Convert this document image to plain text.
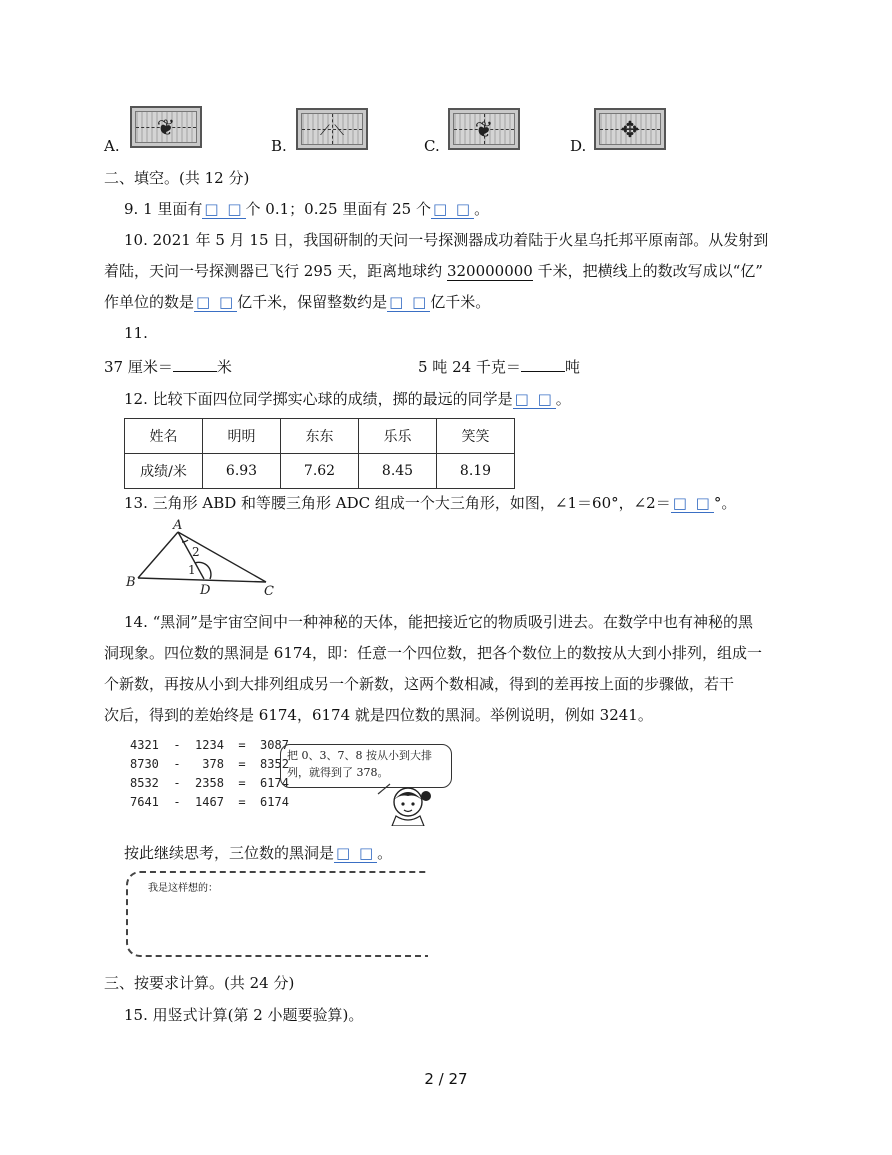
❦
A.
⟋ ⟍
B.
❦
C.
✥
D.
二、填空。(共 12 分)
9. 1 里面有 □ □ 个 0.1；0.25 里面有 25 个 □ □ 。
10. 2021 年 5 月 15 日，我国研制的天问一号探测器成功着陆于火星乌托邦平原南部。从发射到
着陆，天问一号探测器已飞行 295 天，距离地球约 320000000 千米，把横线上的数改写成以“亿”
作单位的数是 □ □ 亿千米，保留整数约是 □ □ 亿千米。
11.
37 厘米＝	米	5 吨 24 千克＝	吨
12. 比较下面四位同学掷实心球的成绩，掷的最远的同学是 □ □ 。
姓名	明明	东东	乐乐	笑笑
成绩/米	6.93	7.62	8.45	8.19
13. 三角形 ABD 和等腰三角形 ADC 组成一个大三角形，如图，∠1＝60°，∠2＝ □ □ °。
A
B
D	C
2
1
14. “黑洞”是宇宙空间中一种神秘的天体，能把接近它的物质吸引进去。在数学中也有神秘的黑
洞现象。四位数的黑洞是 6174，即：任意一个四位数，把各个数位上的数按从大到小排列，组成一
个新数，再按从小到大排列组成另一个新数，这两个数相减，得到的差再按上面的步骤做，若干
次后，得到的差始终是 6174，6174 就是四位数的黑洞。举例说明，例如 3241。
4321  -  1234  =  3087
8730  -   378  =  8352
8532  -  2358  =  6174
7641  -  1467  =  6174
把 0、3、7、8 按从小到大排列，就得到了 378。
按此继续思考，三位数的黑洞是 □ □ 。
我是这样想的：
三、按要求计算。(共 24 分)
15. 用竖式计算(第 2 小题要验算)。
2 / 27
